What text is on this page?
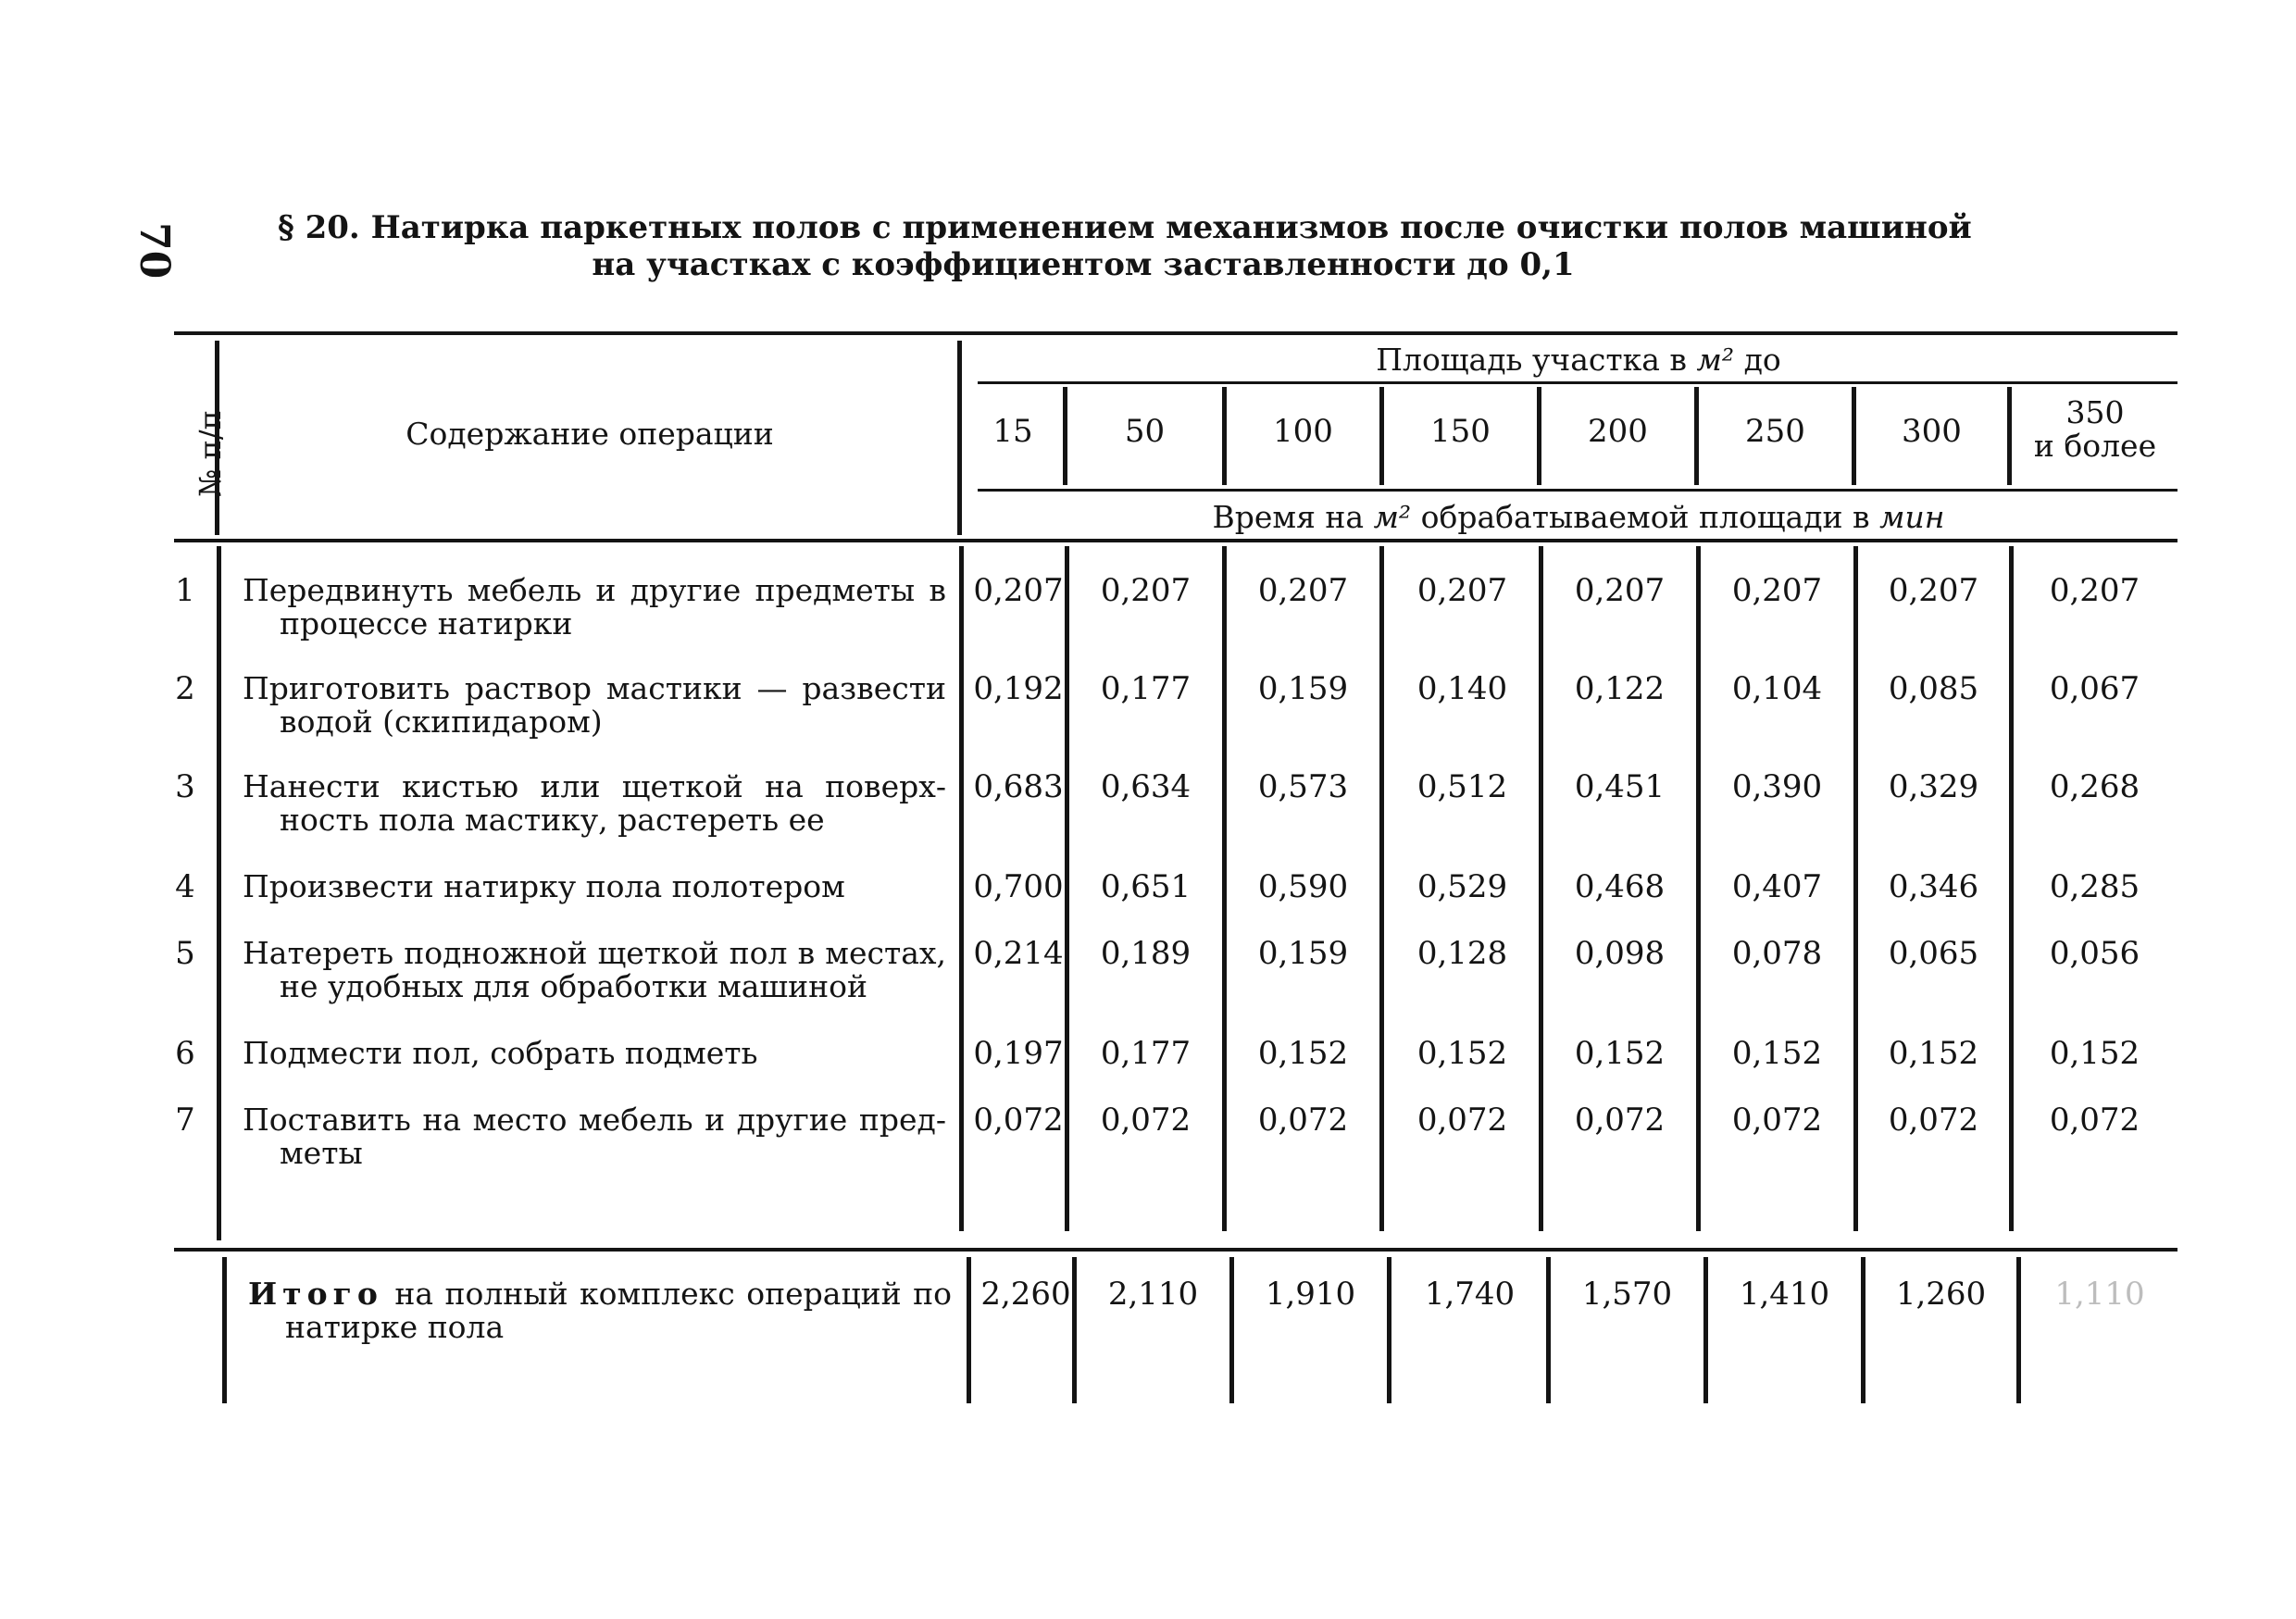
70	§ 20. Натирка паркетных полов с применением механизмов после очистки полов машиной
на участках с коэффициентом заставленности до 0,1
№ п/п	Содержание операции
Площадь участка в м² до
15	50	100	150	200	250	300
350
и более
Время на м² обрабатываемой площади в мин
1	Передвинуть мебель и другие предметы в
процессе натирки
0,207	0,207	0,207	0,207	0,207	0,207	0,207	0,207
2	Приготовить раствор мастики — развести
водой (скипидаром)
0,192	0,177	0,159	0,140	0,122	0,104	0,085	0,067
3	Нанести кистью или щеткой на поверх-
ность пола мастику, растереть ее
0,683	0,634	0,573	0,512	0,451	0,390	0,329	0,268
4	Произвести натирку пола полотером	0,700	0,651	0,590	0,529	0,468	0,407	0,346	0,285
5	Натереть подножной щеткой пол в местах,
не удобных для обработки машиной
0,214	0,189	0,159	0,128	0,098	0,078	0,065	0,056
6	Подмести пол, собрать подметь	0,197	0,177	0,152	0,152	0,152	0,152	0,152	0,152
7	Поставить на место мебель и другие пред-
меты
0,072	0,072	0,072	0,072	0,072	0,072	0,072	0,072
Итого на полный комплекс операций по
натирке пола
2,260	2,110	1,910	1,740	1,570	1,410	1,260	1,110
